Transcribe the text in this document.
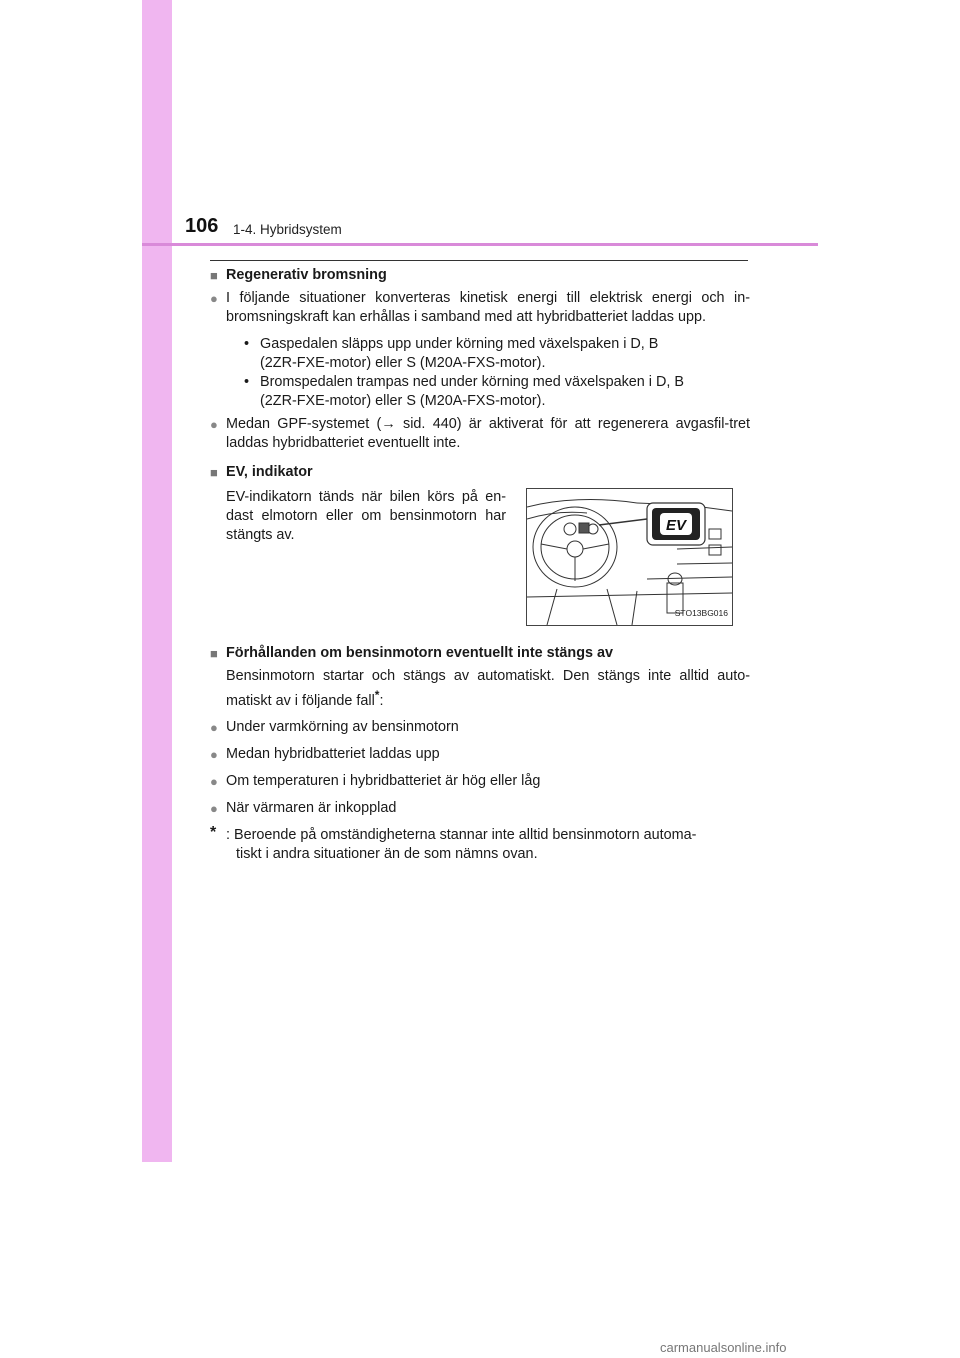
106 1-4. Hybridsystem
■ Regenerativ bromsning
● I följande situationer konverteras kinetisk energi till elektrisk energi och in-bromsningskraft kan erhållas i samband med att hybridbatteriet laddas upp.
• Gaspedalen släpps upp under körning med växelspaken i D, B
(2ZR-FXE-motor) eller S (M20A-FXS-motor).
• Bromspedalen trampas ned under körning med växelspaken i D, B
(2ZR-FXE-motor) eller S (M20A-FXS-motor).
● Medan GPF-systemet (→ sid. 440) är aktiverat för att regenerera avgasfil-tret laddas hybridbatteriet eventuellt inte.
■ EV, indikator
EV-indikatorn tänds när bilen körs på en-dast elmotorn eller om bensinmotorn har stängts av.
EV
STO13BG016
■ Förhållanden om bensinmotorn eventuellt inte stängs av
Bensinmotorn startar och stängs av automatiskt. Den stängs inte alltid auto-matiskt av i följande fall*:
● Under varmkörning av bensinmotorn
● Medan hybridbatteriet laddas upp
● Om temperaturen i hybridbatteriet är hög eller låg
● När värmaren är inkopplad
* : Beroende på omständigheterna stannar inte alltid bensinmotorn automa-
tiskt i andra situationer än de som nämns ovan.
carmanualsonline.info
